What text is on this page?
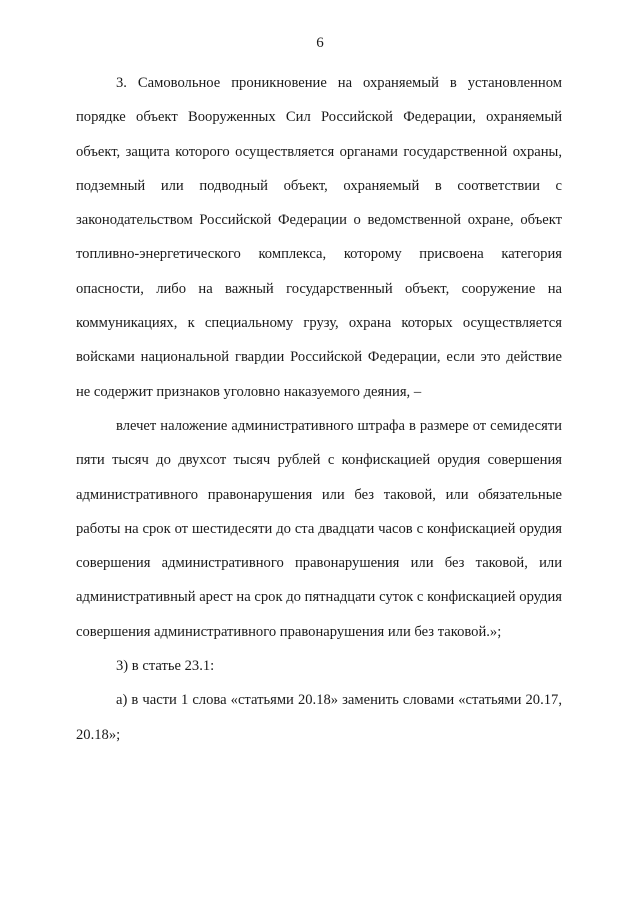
6

3. Самовольное проникновение на охраняемый в установленном порядке объект Вооруженных Сил Российской Федерации, охраняемый объект, защита которого осуществляется органами государственной охраны, подземный или подводный объект, охраняемый в соответствии с законодательством Российской Федерации о ведомственной охране, объект топливно-энергетического комплекса, которому присвоена категория опасности, либо на важный государственный объект, сооружение на коммуникациях, к специальному грузу, охрана которых осуществляется войсками национальной гвардии Российской Федерации, если это действие не содержит признаков уголовно наказуемого деяния, –

влечет наложение административного штрафа в размере от семидесяти пяти тысяч до двухсот тысяч рублей с конфискацией орудия совершения административного правонарушения или без таковой, или обязательные работы на срок от шестидесяти до ста двадцати часов с конфискацией орудия совершения административного правонарушения или без таковой, или административный арест на срок до пятнадцати суток с конфискацией орудия совершения административного правонарушения или без таковой.»;

3) в статье 23.1:

а) в части 1 слова «статьями 20.18» заменить словами «статьями 20.17, 20.18»;
